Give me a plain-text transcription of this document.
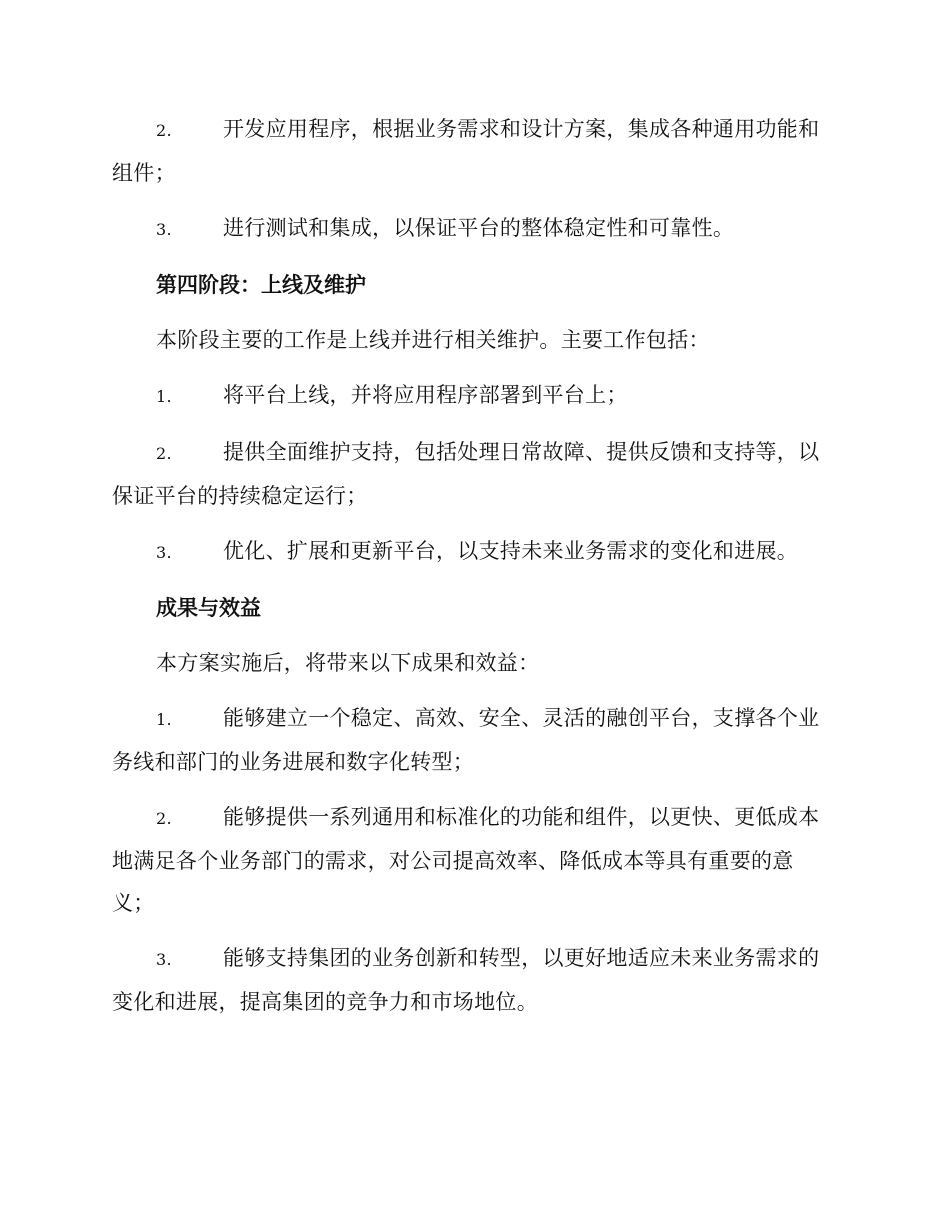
2. 开发应用程序，根据业务需求和设计方案，集成各种通用功能和组件；

3. 进行测试和集成，以保证平台的整体稳定性和可靠性。

第四阶段：上线及维护

本阶段主要的工作是上线并进行相关维护。主要工作包括：

1. 将平台上线，并将应用程序部署到平台上；

2. 提供全面维护支持，包括处理日常故障、提供反馈和支持等，以保证平台的持续稳定运行；

3. 优化、扩展和更新平台，以支持未来业务需求的变化和进展。

成果与效益

本方案实施后，将带来以下成果和效益：

1. 能够建立一个稳定、高效、安全、灵活的融创平台，支撑各个业务线和部门的业务进展和数字化转型；

2. 能够提供一系列通用和标准化的功能和组件，以更快、更低成本地满足各个业务部门的需求，对公司提高效率、降低成本等具有重要的意义；

3. 能够支持集团的业务创新和转型，以更好地适应未来业务需求的变化和进展，提高集团的竞争力和市场地位。
